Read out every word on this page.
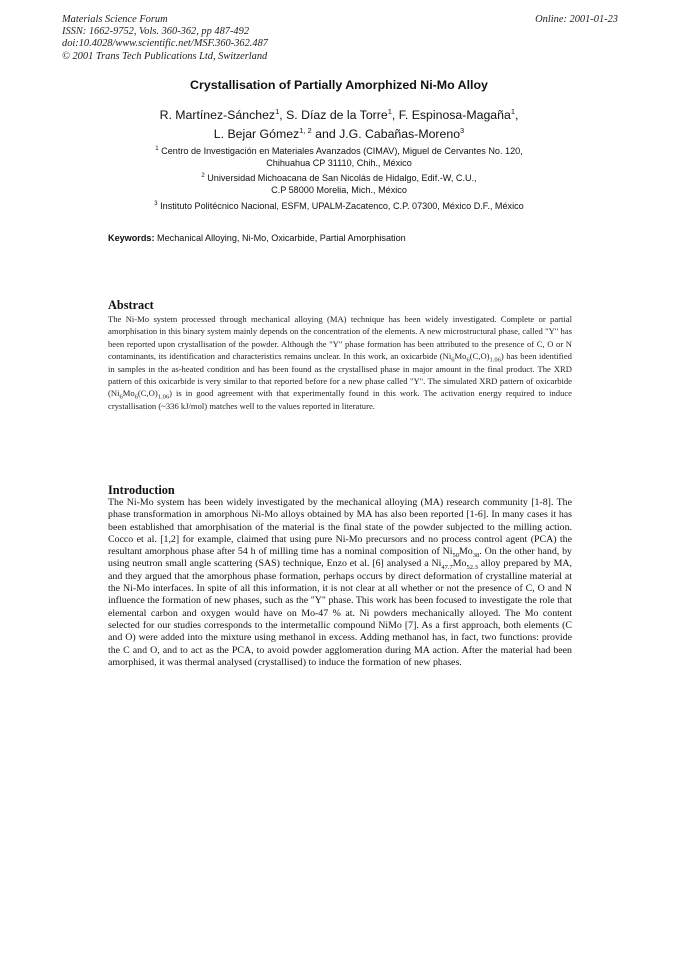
Materials Science Forum
ISSN: 1662-9752, Vols. 360-362, pp 487-492
doi:10.4028/www.scientific.net/MSF.360-362.487
© 2001 Trans Tech Publications Ltd, Switzerland
Online: 2001-01-23
Crystallisation of Partially Amorphized Ni-Mo Alloy
R. Martínez-Sánchez$^1$, S. Díaz de la Torre$^1$, F. Espinosa-Magaña$^1$,
L. Bejar Gómez$^{1, 2}$ and J.G. Cabañas-Moreno$^3$
$^1$ Centro de Investigación en Materiales Avanzados (CIMAV), Miguel de Cervantes No. 120,
Chihuahua CP 31110, Chih., México
$^2$ Universidad Michoacana de San Nicolás de Hidalgo, Edif.-W, C.U.,
C.P 58000 Morelia, Mich., México
$^3$ Instituto Politécnico Nacional, ESFM, UPALM-Zacatenco, C.P. 07300, México D.F., México
Keywords: Mechanical Alloying, Ni-Mo, Oxicarbide, Partial Amorphisation
Abstract

The Ni-Mo system processed through mechanical alloying (MA) technique has been widely investigated. Complete or partial amorphisation in this binary system mainly depends on the concentration of the elements. A new microstructural phase, called "Y" has been reported upon crystallisation of the powder. Although the "Y" phase formation has been attributed to the presence of C, O or N contaminants, its identification and characteristics remains unclear. In this work, an oxicarbide $(Ni_6Mo_6(C,O)_{1.06})$ has been identified in samples in the as-heated condition and has been found as the crystallised phase in major amount in the final product. The XRD pattern of this oxicarbide is very similar to that reported before for a new phase called "Y". The simulated XRD pattern of oxicarbide $(Ni_6Mo_6(C,O)_{1.06})$ is in good agreement with that experimentally found in this work. The activation energy required to induce crystallisation (~336 kJ/mol) matches well to the values reported in literature.

Introduction

The Ni-Mo system has been widely investigated by the mechanical alloying (MA) research community [1-8]. The phase transformation in amorphous Ni-Mo alloys obtained by MA has also been reported [1-6]. In many cases it has been established that amorphisation of the material is the final state of the powder subjected to the milling action. Cocco et al. [1,2] for example, claimed that using pure Ni-Mo precursors and no process control agent (PCA) the resultant amorphous phase after 54 h of milling time has a nominal composition of $Ni_{50}Mo_{38}$. On the other hand, by using neutron small angle scattering (SAS) technique, Enzo et al. [6] analysed a $Ni_{47.7}Mo_{52.3}$ alloy prepared by MA, and they argued that the amorphous phase formation, perhaps occurs by direct deformation of crystalline material at the Ni-Mo interfaces. In spite of all this information, it is not clear at all whether or not the presence of C, O and N influence the formation of new phases, such as the "Y" phase. This work has been focused to investigate the role that elemental carbon and oxygen would have on Mo-47 % at. Ni powders mechanically alloyed. The Mo content selected for our studies corresponds to the intermetallic compound NiMo [7]. As a first approach, both elements (C and O) were added into the mixture using methanol in excess. Adding methanol has, in fact, two functions: provide the C and O, and to act as the PCA, to avoid powder agglomeration during MA action. After the material had been amorphised, it was thermal analysed (crystallised) to induce the formation of new phases.
